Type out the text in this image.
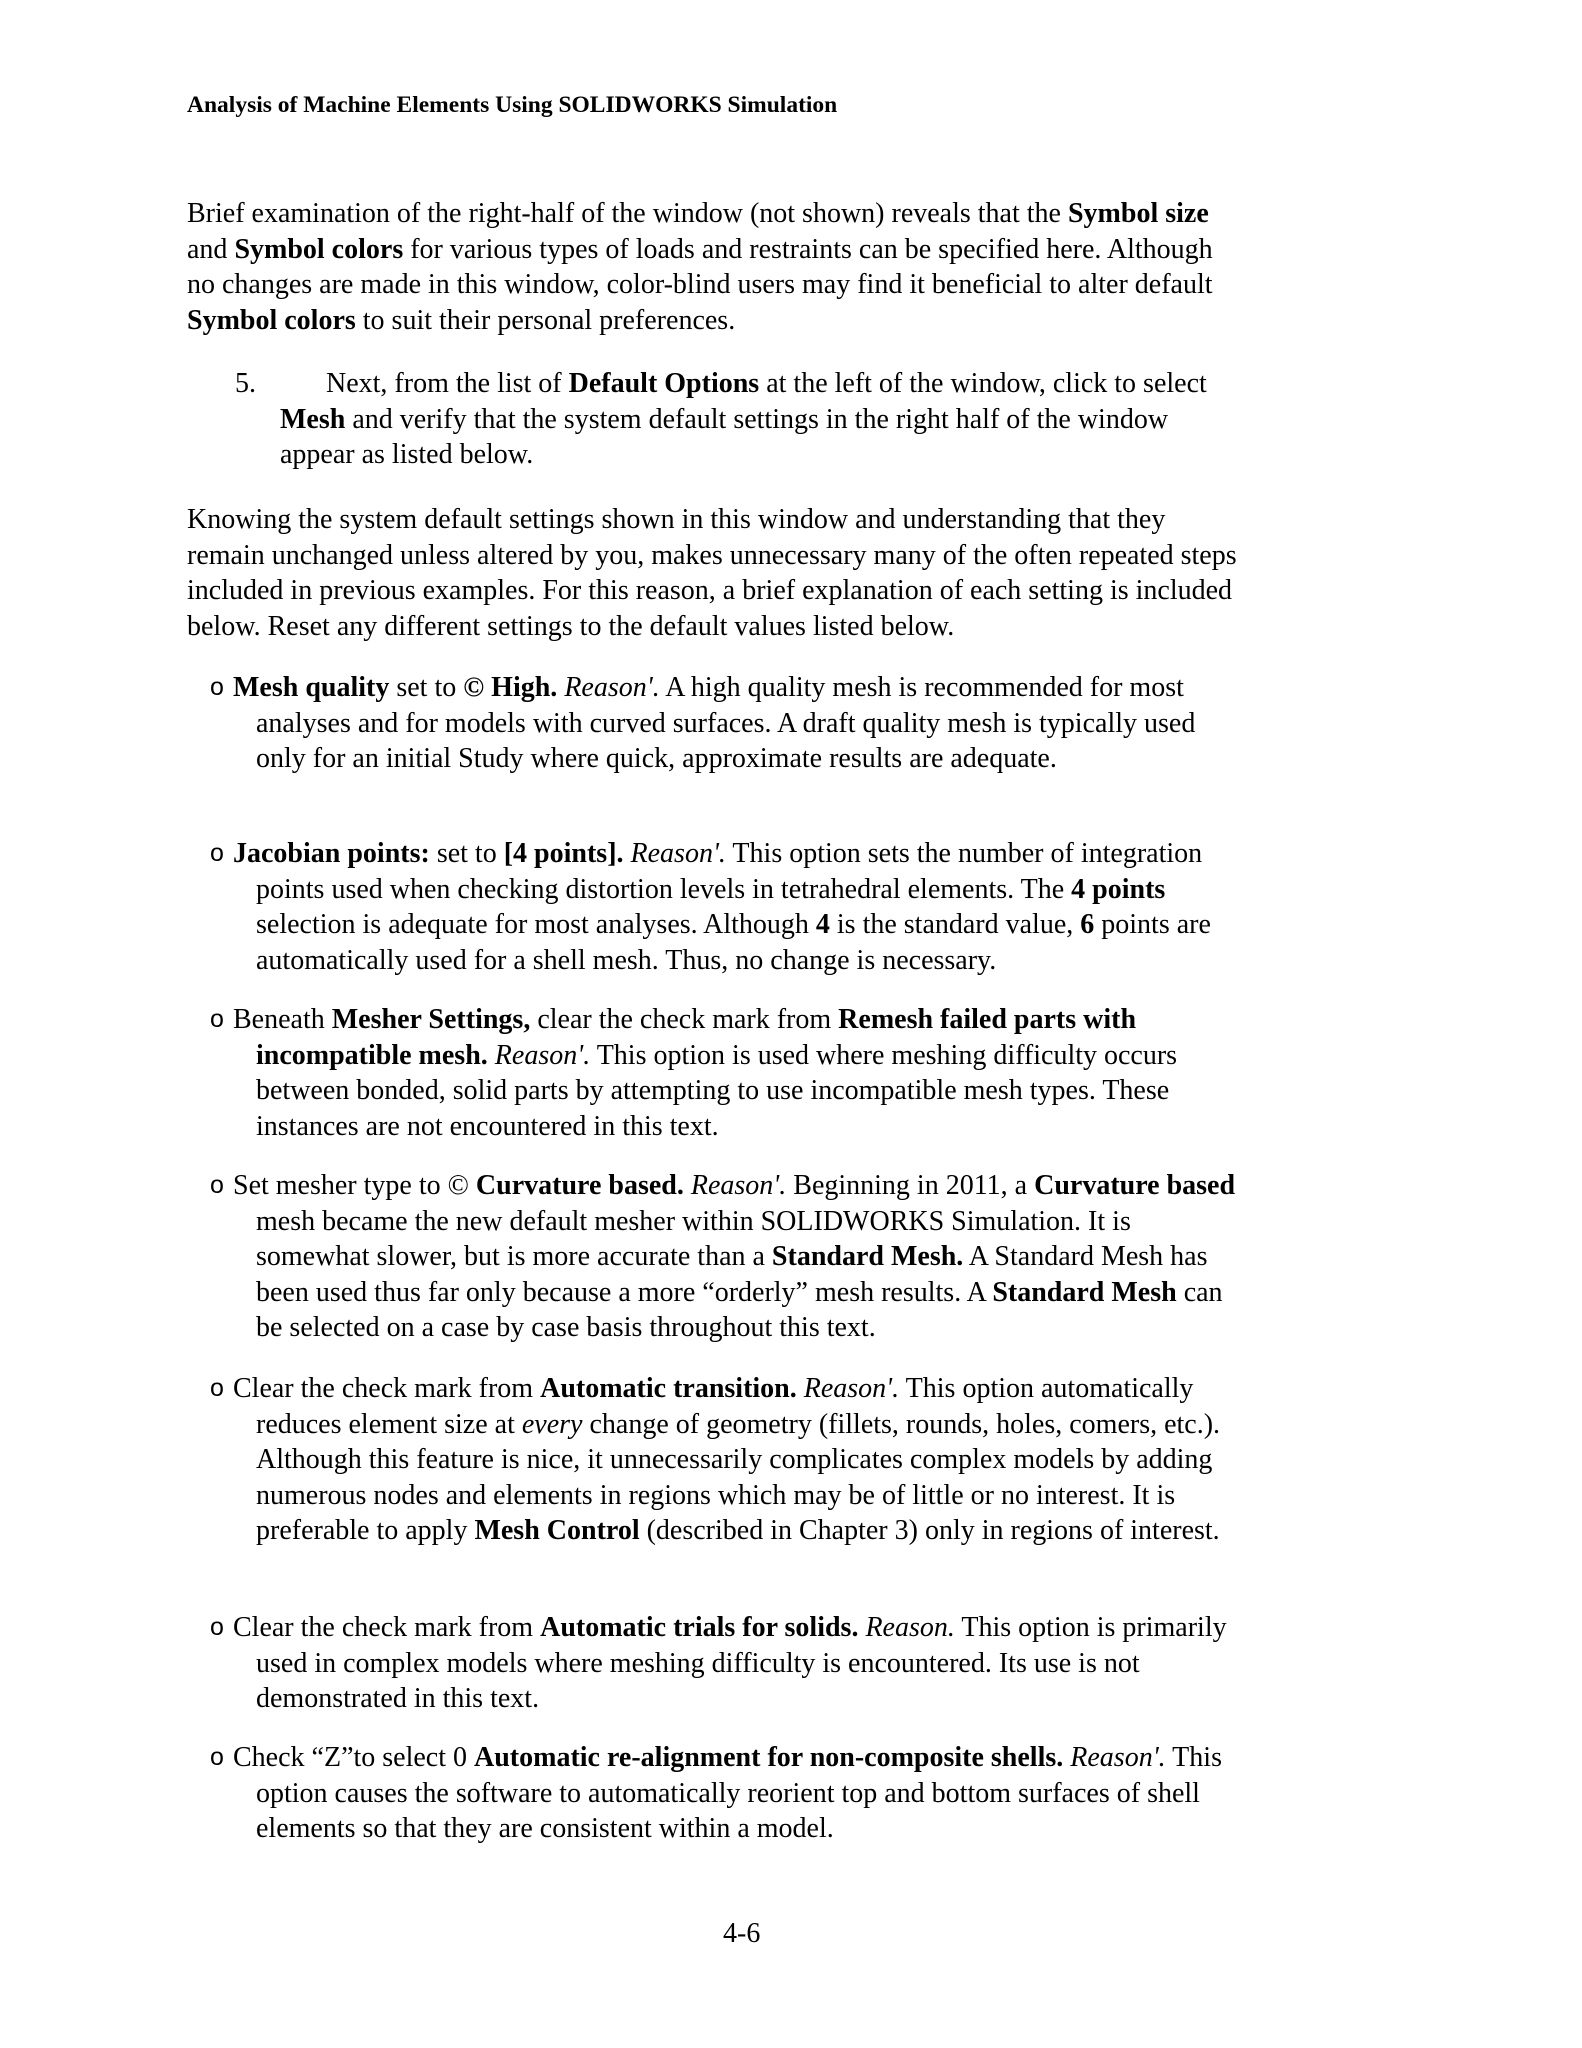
Analysis of Machine Elements Using SOLIDWORKS Simulation

Brief examination of the right-half of the window (not shown) reveals that the Symbol size and Symbol colors for various types of loads and restraints can be specified here. Although no changes are made in this window, color-blind users may find it beneficial to alter default Symbol colors to suit their personal preferences.

5.	Next, from the list of Default Options at the left of the window, click to select Mesh and verify that the system default settings in the right half of the window appear as listed below.

Knowing the system default settings shown in this window and understanding that they remain unchanged unless altered by you, makes unnecessary many of the often repeated steps included in previous examples. For this reason, a brief explanation of each setting is included below. Reset any different settings to the default values listed below.

o Mesh quality set to © High. Reason'. A high quality mesh is recommended for most analyses and for models with curved surfaces. A draft quality mesh is typically used only for an initial Study where quick, approximate results are adequate.
o Jacobian points: set to [4 points]. Reason'. This option sets the number of integration points used when checking distortion levels in tetrahedral elements. The 4 points selection is adequate for most analyses. Although 4 is the standard value, 6 points are automatically used for a shell mesh. Thus, no change is necessary.
o Beneath Mesher Settings, clear the check mark from Remesh failed parts with incompatible mesh. Reason'. This option is used where meshing difficulty occurs between bonded, solid parts by attempting to use incompatible mesh types. These instances are not encountered in this text.
o Set mesher type to © Curvature based. Reason'. Beginning in 2011, a Curvature based mesh became the new default mesher within SOLIDWORKS Simulation. It is somewhat slower, but is more accurate than a Standard Mesh. A Standard Mesh has been used thus far only because a more “orderly” mesh results. A Standard Mesh can be selected on a case by case basis throughout this text.
o Clear the check mark from Automatic transition. Reason'. This option automatically reduces element size at every change of geometry (fillets, rounds, holes, comers, etc.). Although this feature is nice, it unnecessarily complicates complex models by adding numerous nodes and elements in regions which may be of little or no interest. It is preferable to apply Mesh Control (described in Chapter 3) only in regions of interest.
o Clear the check mark from Automatic trials for solids. Reason. This option is primarily used in complex models where meshing difficulty is encountered. Its use is not demonstrated in this text.
o Check “Z”to select 0 Automatic re-alignment for non-composite shells. Reason'. This option causes the software to automatically reorient top and bottom surfaces of shell elements so that they are consistent within a model.
4-6
